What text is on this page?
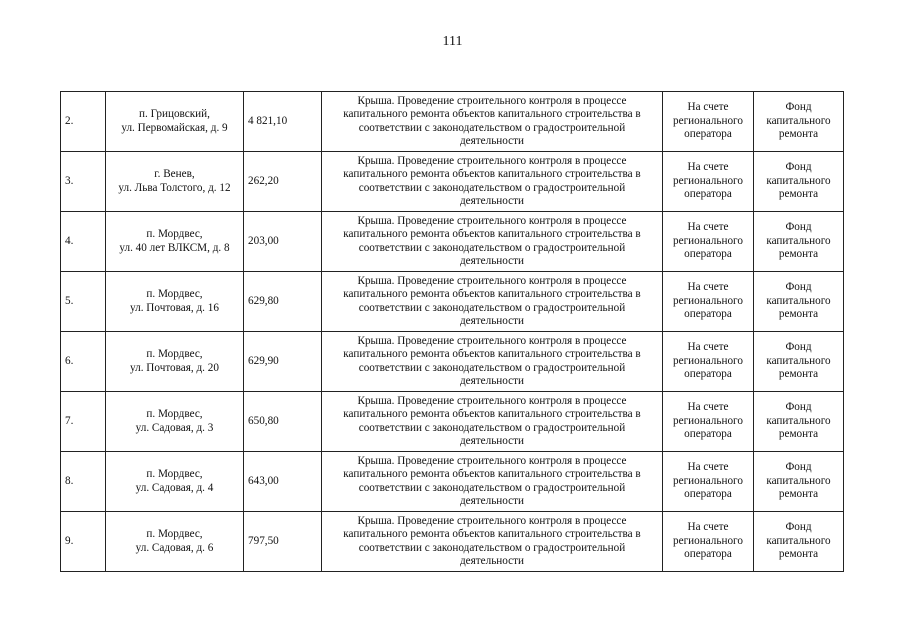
111
2.	п. Грицовский,
ул. Первомайская, д. 9	4 821,10	Крыша. Проведение строительного контроля в процессе капитального ремонта объектов капитального строительства в соответствии с законодательством о градостроительной деятельности	На счете
регионального
оператора	Фонд
капитального
ремонта

3.	г. Венев,
ул. Льва Толстого, д. 12	262,20	Крыша. Проведение строительного контроля в процессе капитального ремонта объектов капитального строительства в соответствии с законодательством о градостроительной деятельности	На счете
регионального
оператора	Фонд
капитального
ремонта

4.	п. Мордвес,
ул. 40 лет ВЛКСМ, д. 8	203,00	Крыша. Проведение строительного контроля в процессе капитального ремонта объектов капитального строительства в соответствии с законодательством о градостроительной деятельности	На счете
регионального
оператора	Фонд
капитального
ремонта

5.	п. Мордвес,
ул. Почтовая, д. 16	629,80	Крыша. Проведение строительного контроля в процессе капитального ремонта объектов капитального строительства в соответствии с законодательством о градостроительной деятельности	На счете
регионального
оператора	Фонд
капитального
ремонта

6.	п. Мордвес,
ул. Почтовая, д. 20	629,90	Крыша. Проведение строительного контроля в процессе капитального ремонта объектов капитального строительства в соответствии с законодательством о градостроительной деятельности	На счете
регионального
оператора	Фонд
капитального
ремонта

7.	п. Мордвес,
ул. Садовая, д. 3	650,80	Крыша. Проведение строительного контроля в процессе капитального ремонта объектов капитального строительства в соответствии с законодательством о градостроительной деятельности	На счете
регионального
оператора	Фонд
капитального
ремонта

8.	п. Мордвес,
ул. Садовая, д. 4	643,00	Крыша. Проведение строительного контроля в процессе капитального ремонта объектов капитального строительства в соответствии с законодательством о градостроительной деятельности	На счете
регионального
оператора	Фонд
капитального
ремонта

9.	п. Мордвес,
ул. Садовая, д. 6	797,50	Крыша. Проведение строительного контроля в процессе капитального ремонта объектов капитального строительства в соответствии с законодательством о градостроительной деятельности	На счете
регионального
оператора	Фонд
капитального
ремонта
